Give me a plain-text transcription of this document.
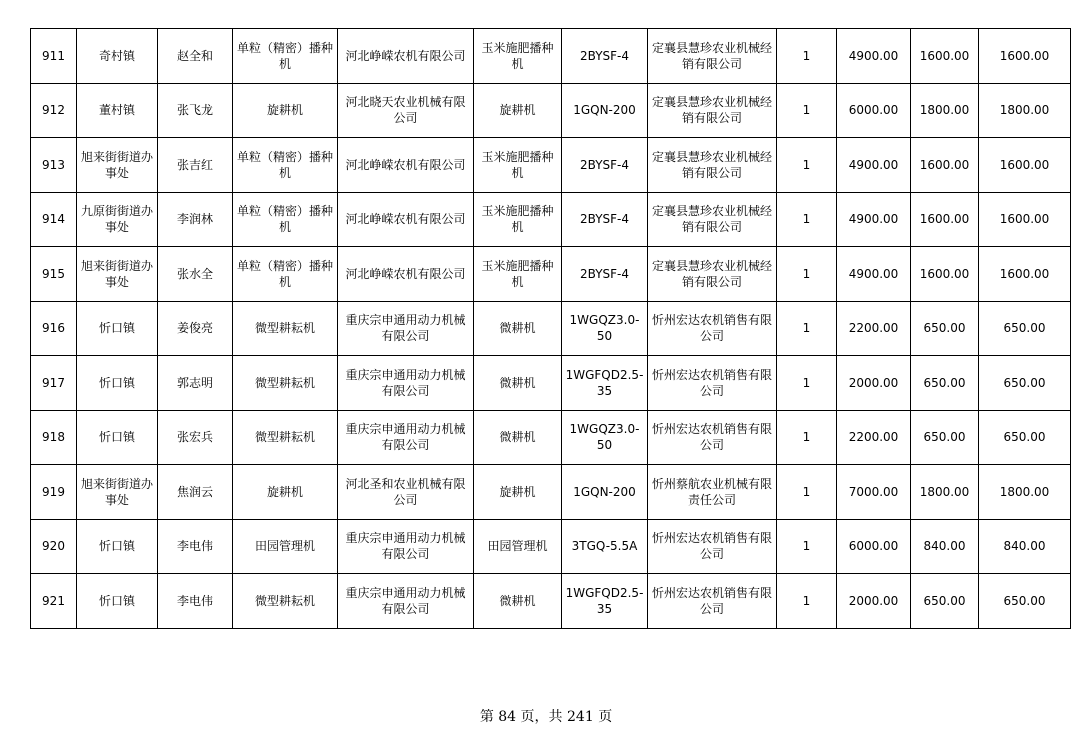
911	奇村镇	赵全和	单粒（精密）播种机	河北峥嵘农机有限公司	玉米施肥播种机	2BYSF-4	定襄县慧珍农业机械经销有限公司	1	4900.00	1600.00	1600.00
912	董村镇	张飞龙	旋耕机	河北晓天农业机械有限公司	旋耕机	1GQN-200	定襄县慧珍农业机械经销有限公司	1	6000.00	1800.00	1800.00
913	旭来街街道办事处	张吉红	单粒（精密）播种机	河北峥嵘农机有限公司	玉米施肥播种机	2BYSF-4	定襄县慧珍农业机械经销有限公司	1	4900.00	1600.00	1600.00
914	九原街街道办事处	李润林	单粒（精密）播种机	河北峥嵘农机有限公司	玉米施肥播种机	2BYSF-4	定襄县慧珍农业机械经销有限公司	1	4900.00	1600.00	1600.00
915	旭来街街道办事处	张水全	单粒（精密）播种机	河北峥嵘农机有限公司	玉米施肥播种机	2BYSF-4	定襄县慧珍农业机械经销有限公司	1	4900.00	1600.00	1600.00
916	忻口镇	姜俊亮	微型耕耘机	重庆宗申通用动力机械有限公司	微耕机	1WGQZ3.0-50	忻州宏达农机销售有限公司	1	2200.00	650.00	650.00
917	忻口镇	郭志明	微型耕耘机	重庆宗申通用动力机械有限公司	微耕机	1WGFQD2.5-35	忻州宏达农机销售有限公司	1	2000.00	650.00	650.00
918	忻口镇	张宏兵	微型耕耘机	重庆宗申通用动力机械有限公司	微耕机	1WGQZ3.0-50	忻州宏达农机销售有限公司	1	2200.00	650.00	650.00
919	旭来街街道办事处	焦润云	旋耕机	河北圣和农业机械有限公司	旋耕机	1GQN-200	忻州蔡航农业机械有限责任公司	1	7000.00	1800.00	1800.00
920	忻口镇	李电伟	田园管理机	重庆宗申通用动力机械有限公司	田园管理机	3TGQ-5.5A	忻州宏达农机销售有限公司	1	6000.00	840.00	840.00
921	忻口镇	李电伟	微型耕耘机	重庆宗申通用动力机械有限公司	微耕机	1WGFQD2.5-35	忻州宏达农机销售有限公司	1	2000.00	650.00	650.00
第 84 页，共 241 页
